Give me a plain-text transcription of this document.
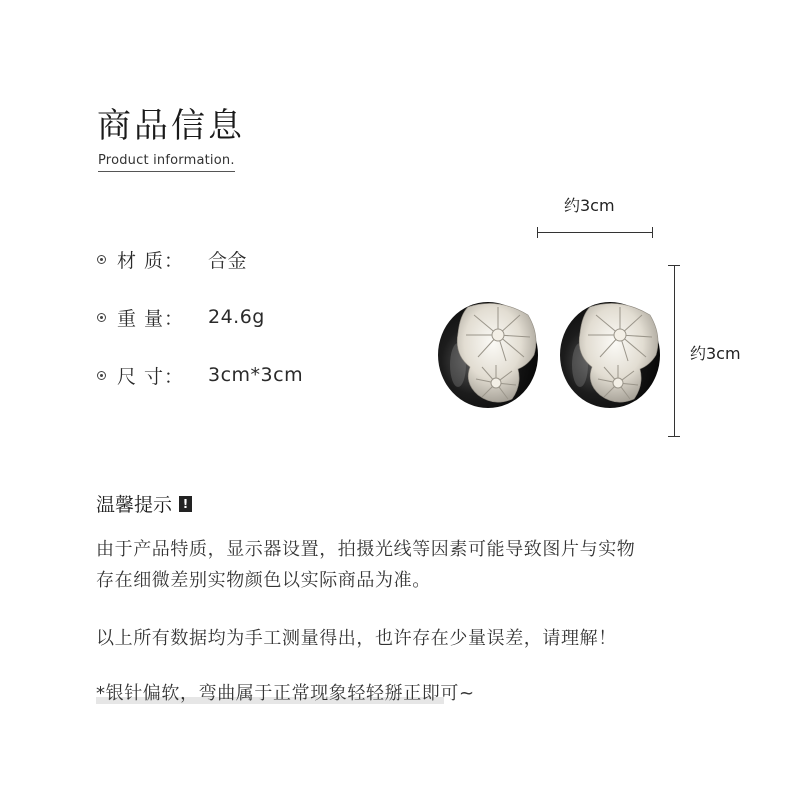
商品信息
Product information.
材 质：	合金
重 量：	24.6g
尺 寸：	3cm*3cm
约3cm
约3cm
温馨提示 !
由于产品特质，显示器设置，拍摄光线等因素可能导致图片与实物
存在细微差别实物颜色以实际商品为准。
以上所有数据均为手工测量得出，也许存在少量误差，请理解！
*银针偏软，弯曲属于正常现象轻轻掰正即可~
